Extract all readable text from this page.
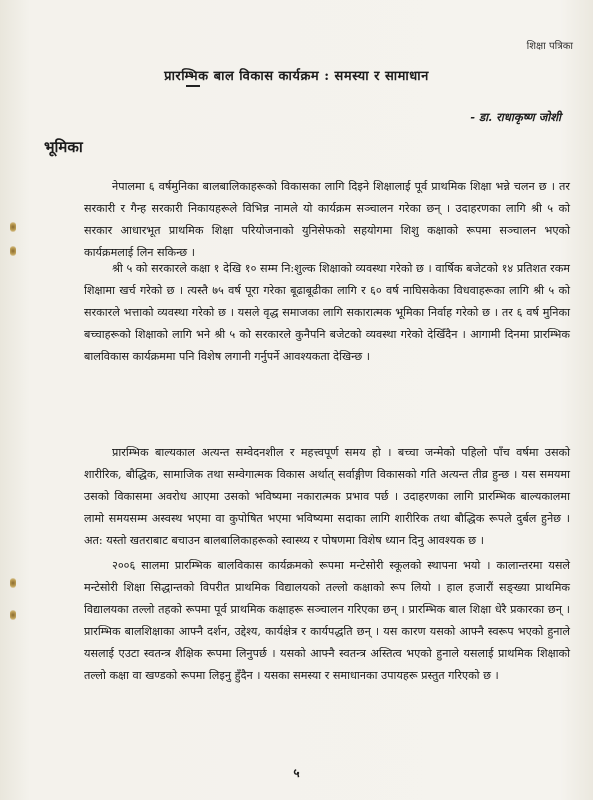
शिक्षा पत्रिका
प्रारम्भिक बाल विकास कार्यक्रम : समस्या र सामाधान
- डा. राधाकृष्ण जोशी
भूमिका

नेपालमा ६ वर्षमुनिका बालबालिकाहरूको विकासका लागि दिइने शिक्षालाई पूर्व प्राथमिक शिक्षा भन्ने चलन छ । तर सरकारी र गैन्ह सरकारी निकायहरूले विभिन्न नामले यो कार्यक्रम सञ्चालन गरेका छन् । उदाहरणका लागि श्री ५ को सरकार आधारभूत प्राथमिक शिक्षा परियोजनाको युनिसेफको सहयोगमा शिशु कक्षाको रूपमा सञ्चालन भएको कार्यक्रमलाई लिन सकिन्छ ।

श्री ५ को सरकारले कक्षा १ देखि १० सम्म नि:शुल्क शिक्षाको व्यवस्था गरेको छ । वार्षिक बजेटको १४ प्रतिशत रकम शिक्षामा खर्च गरेको छ । त्यस्तै ७५ वर्ष पूरा गरेका बूढाबूढीका लागि र ६० वर्ष नाघिसकेका विधवाहरूका लागि श्री ५ को सरकारले भत्ताको व्यवस्था गरेको छ । यसले वृद्ध समाजका लागि सकारात्मक भूमिका निर्वाह गरेको छ । तर ६ वर्ष मुनिका बच्चाहरूको शिक्षाको लागि भने श्री ५ को सरकारले कुनैपनि बजेटको व्यवस्था गरेको देखिँदैन । आगामी दिनमा प्रारम्भिक बालविकास कार्यक्रममा पनि विशेष लगानी गर्नुपर्ने आवश्यकता देखिन्छ ।

प्रारम्भिक बाल्यकाल अत्यन्त सम्वेदनशील र महत्त्वपूर्ण समय हो । बच्चा जन्मेको पहिलो पाँच वर्षमा उसको शारीरिक, बौद्धिक, सामाजिक तथा सम्वेगात्मक विकास अर्थात् सर्वाङ्गीण विकासको गति अत्यन्त तीव्र हुन्छ । यस समयमा उसको विकासमा अवरोध आएमा उसको भविष्यमा नकारात्मक प्रभाव पर्छ । उदाहरणका लागि प्रारम्भिक बाल्यकालमा लामो समयसम्म अस्वस्थ भएमा वा कुपोषित भएमा भविष्यमा सदाका लागि शारीरिक तथा बौद्धिक रूपले दुर्बल हुनेछ । अत: यस्तो खतराबाट बचाउन बालबालिकाहरूको स्वास्थ्य र पोषणमा विशेष ध्यान दिनु आवश्यक छ ।

२००६ सालमा प्रारम्भिक बालविकास कार्यक्रमको रूपमा मन्टेसोरी स्कूलको स्थापना भयो । कालान्तरमा यसले मन्टेसोरी शिक्षा सिद्धान्तको विपरीत प्राथमिक विद्यालयको तल्लो कक्षाको रूप लियो । हाल हजारौं सङ्ख्या प्राथमिक विद्यालयका तल्लो तहको रूपमा पूर्व प्राथमिक कक्षाहरू सञ्चालन गरिएका छन् । प्रारम्भिक बाल शिक्षा धेरै प्रकारका छन् । प्रारम्भिक बालशिक्षाका आफ्नै दर्शन, उद्देश्य, कार्यक्षेत्र र कार्यपद्धति छन् । यस कारण यसको आफ्नै स्वरूप भएको हुनाले यसलाई एउटा स्वतन्त्र शैक्षिक रूपमा लिनुपर्छ । यसको आफ्नै स्वतन्त्र अस्तित्व भएको हुनाले यसलाई प्राथमिक शिक्षाको तल्लो कक्षा वा खण्डको रूपमा लिइनु हुँदैन । यसका समस्या र समाधानका उपायहरू प्रस्तुत गरिएको छ ।

५
